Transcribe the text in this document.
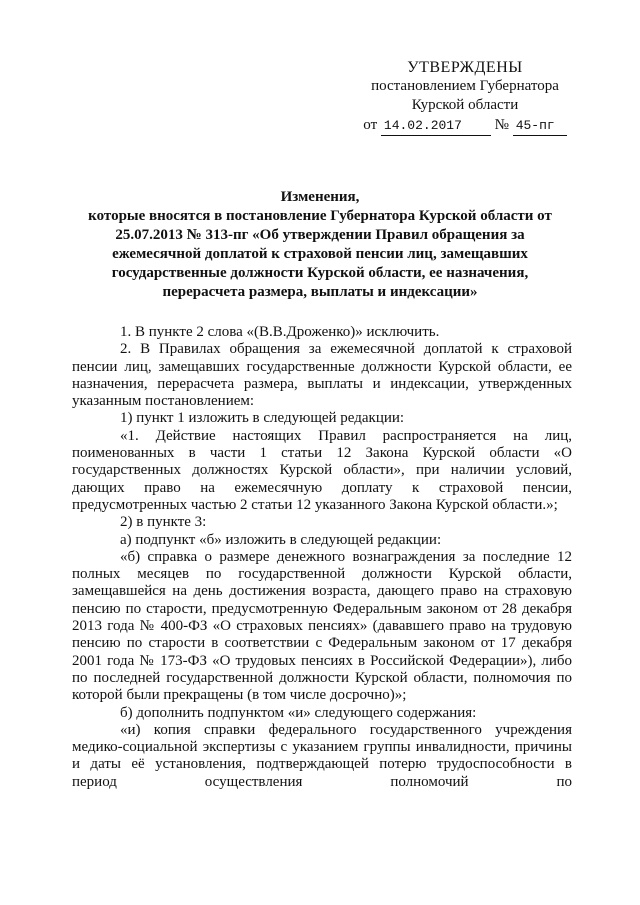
УТВЕРЖДЕНЫ
постановлением Губернатора
Курской области
от 14.02.2017 № 45-пг
Изменения,
которые вносятся в постановление Губернатора Курской области от 25.07.2013 № 313-пг «Об утверждении Правил обращения за ежемесячной доплатой к страховой пенсии лиц, замещавших государственные должности Курской области, ее назначения, перерасчета размера, выплаты и индексации»

1. В пункте 2 слова «(В.В.Дроженко)» исключить.

2. В Правилах обращения за ежемесячной доплатой к страховой пенсии лиц, замещавших государственные должности Курской области, ее назначения, перерасчета размера, выплаты и индексации, утвержденных указанным постановлением:

1) пункт 1 изложить в следующей редакции:

«1. Действие настоящих Правил распространяется на лиц, поименованных в части 1 статьи 12 Закона Курской области «О государственных должностях Курской области», при наличии условий, дающих право на ежемесячную доплату к страховой пенсии, предусмотренных частью 2 статьи 12 указанного Закона Курской области.»;

2) в пункте 3:

а) подпункт «б» изложить в следующей редакции:

«б) справка о размере денежного вознаграждения за последние 12 полных месяцев по государственной должности Курской области, замещавшейся на день достижения возраста, дающего право на страховую пенсию по старости, предусмотренную Федеральным законом от 28 декабря 2013 года № 400-ФЗ «О страховых пенсиях» (дававшего право на трудовую пенсию по старости в соответствии с Федеральным законом от 17 декабря 2001 года № 173-ФЗ «О трудовых пенсиях в Российской Федерации»), либо по последней государственной должности Курской области, полномочия по которой были прекращены (в том числе досрочно)»;

б) дополнить подпунктом «и» следующего содержания:

«и) копия справки федерального государственного учреждения медико-социальной экспертизы с указанием группы инвалидности, причины и даты её установления, подтверждающей потерю трудоспособности в период осуществления полномочий по
